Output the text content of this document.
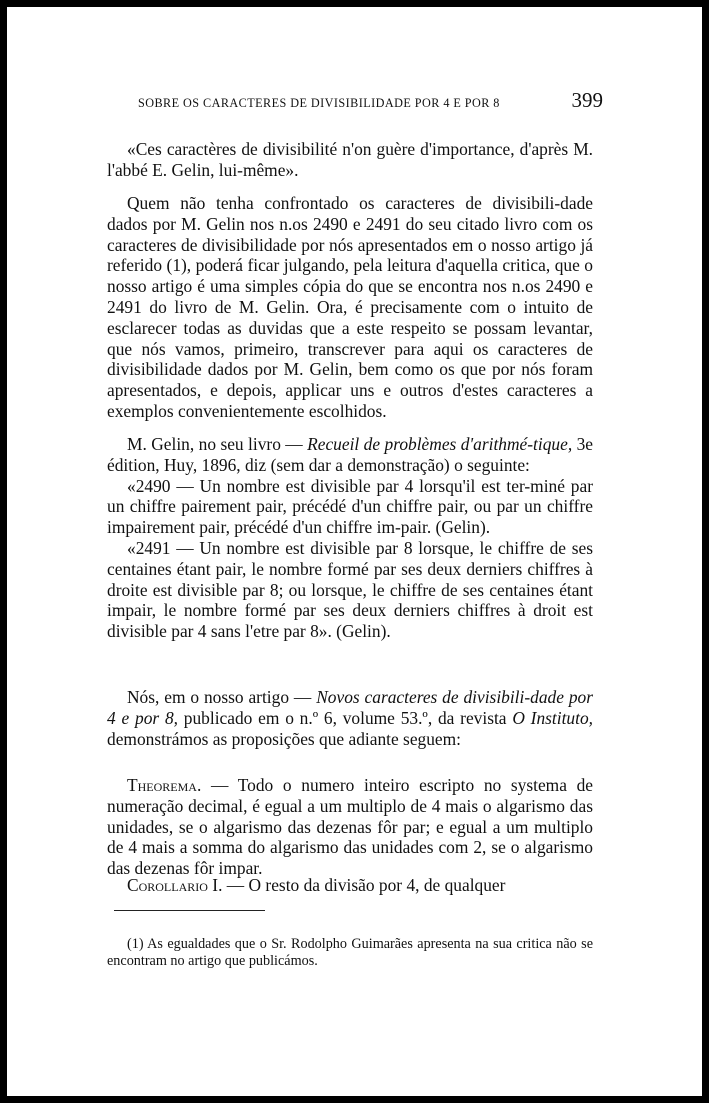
SOBRE OS CARACTERES DE DIVISIBILIDADE POR 4 E POR 8	399

«Ces caractères de divisibilité n'on guère d'importance, d'après M. l'abbé E. Gelin, lui-même».

Quem não tenha confrontado os caracteres de divisibili-dade dados por M. Gelin nos n.os 2490 e 2491 do seu citado livro com os caracteres de divisibilidade por nós apresentados em o nosso artigo já referido (1), poderá ficar julgando, pela leitura d'aquella critica, que o nosso artigo é uma simples cópia do que se encontra nos n.os 2490 e 2491 do livro de M. Gelin. Ora, é precisamente com o intuito de esclarecer todas as duvidas que a este respeito se possam levantar, que nós vamos, primeiro, transcrever para aqui os caracteres de divisibilidade dados por M. Gelin, bem como os que por nós foram apresentados, e depois, applicar uns e outros d'estes caracteres a exemplos convenientemente escolhidos.

M. Gelin, no seu livro — Recueil de problèmes d'arithmé-tique, 3e édition, Huy, 1896, diz (sem dar a demonstração) o seguinte:

«2490 — Un nombre est divisible par 4 lorsqu'il est ter-miné par un chiffre pairement pair, précédé d'un chiffre pair, ou par un chiffre impairement pair, précédé d'un chiffre im-pair. (Gelin).

«2491 — Un nombre est divisible par 8 lorsque, le chiffre de ses centaines étant pair, le nombre formé par ses deux derniers chiffres à droite est divisible par 8; ou lorsque, le chiffre de ses centaines étant impair, le nombre formé par ses deux derniers chiffres à droit est divisible par 4 sans l'etre par 8». (Gelin).

Nós, em o nosso artigo — Novos caracteres de divisibili-dade por 4 e por 8, publicado em o n.º 6, volume 53.º, da revista O Instituto, demonstrámos as proposições que adiante seguem:

Theorema. — Todo o numero inteiro escripto no systema de numeração decimal, é egual a um multiplo de 4 mais o algarismo das unidades, se o algarismo das dezenas fôr par; e egual a um multiplo de 4 mais a somma do algarismo das unidades com 2, se o algarismo das dezenas fôr impar.

Corollario I. — O resto da divisão por 4, de qualquer

(1) As egualdades que o Sr. Rodolpho Guimarães apresenta na sua critica não se encontram no artigo que publicámos.
